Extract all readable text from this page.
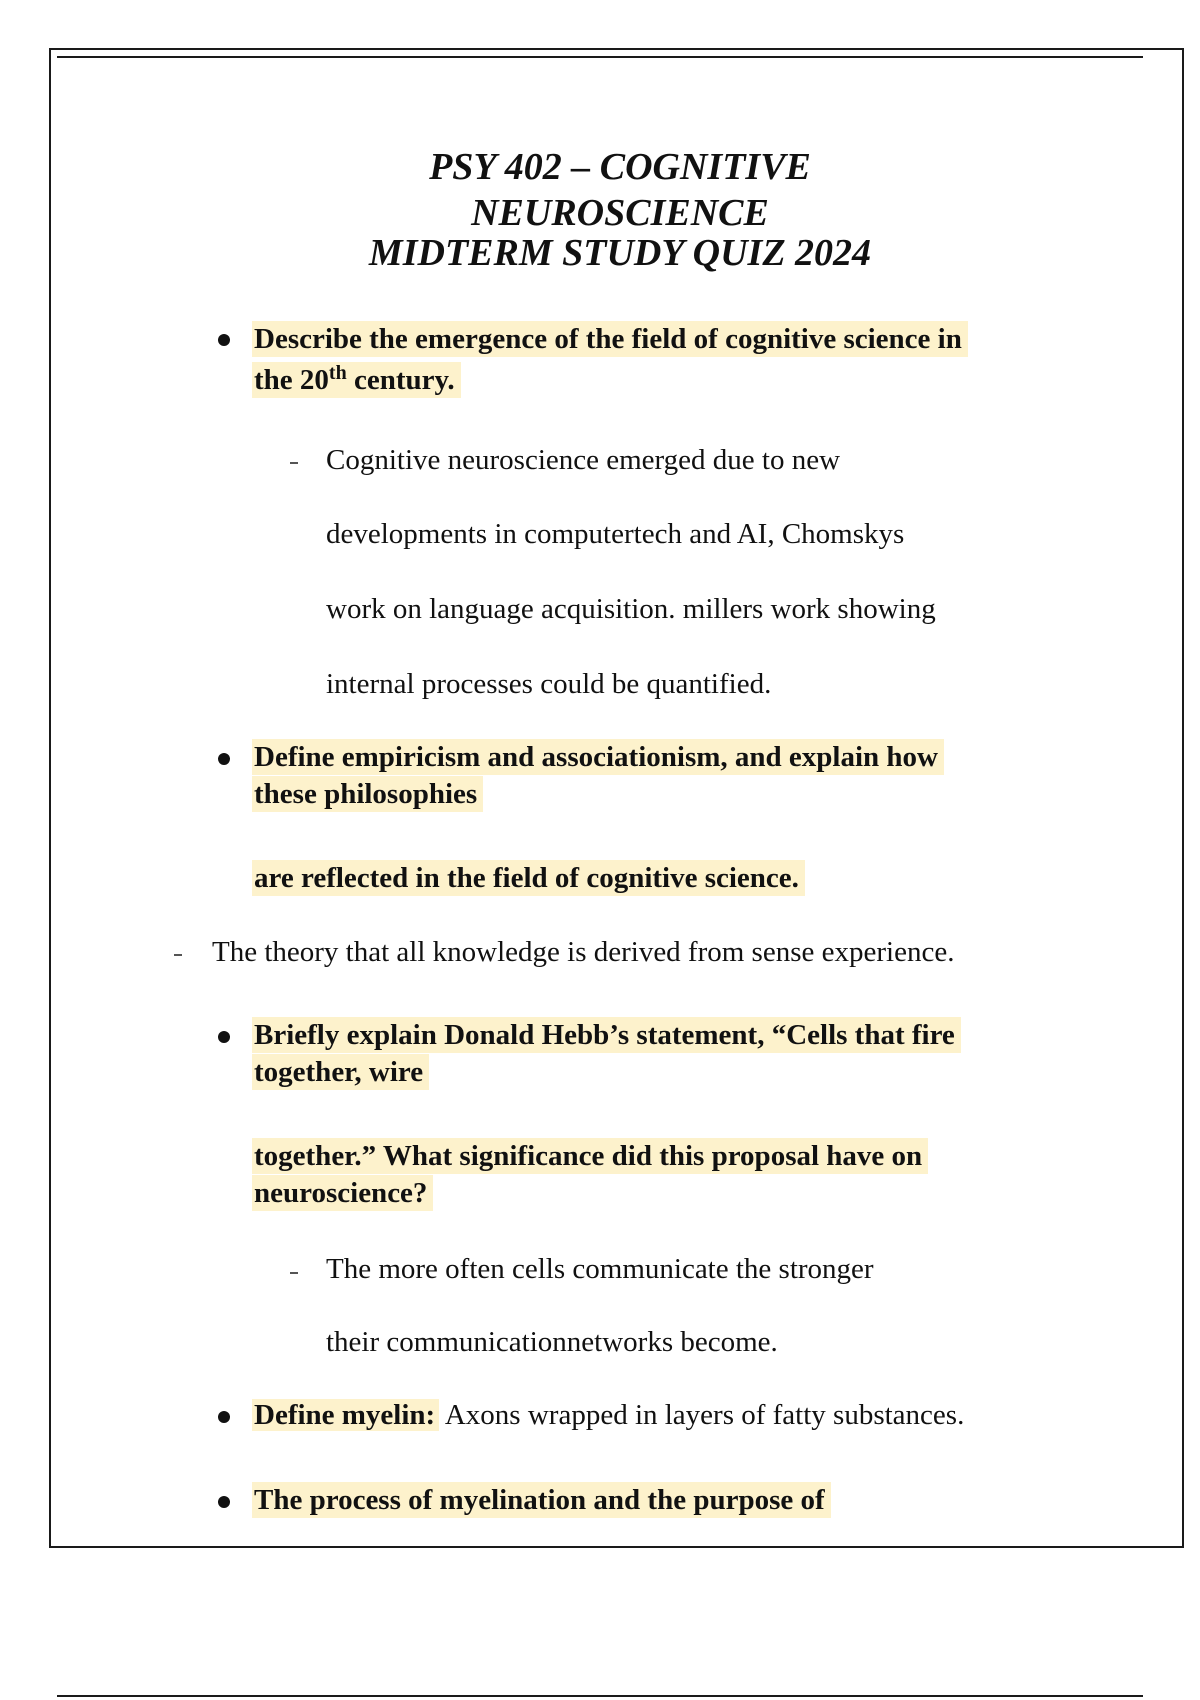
PSY 402 – COGNITIVE
NEUROSCIENCE
MIDTERM STUDY QUIZ 2024
Describe the emergence of the field of cognitive science in
the 20th century.
Cognitive neuroscience emerged due to new
developments in computertech and AI, Chomskys
work on language acquisition. millers work showing
internal processes could be quantified.
Define empiricism and associationism, and explain how
these philosophies
are reflected in the field of cognitive science.
The theory that all knowledge is derived from sense experience.
Briefly explain Donald Hebb’s statement, “Cells that fire
together, wire
together.” What significance did this proposal have on
neuroscience?
The more often cells communicate the stronger
their communicationnetworks become.
Define myelin: Axons wrapped in layers of fatty substances.
The process of myelination and the purpose of
